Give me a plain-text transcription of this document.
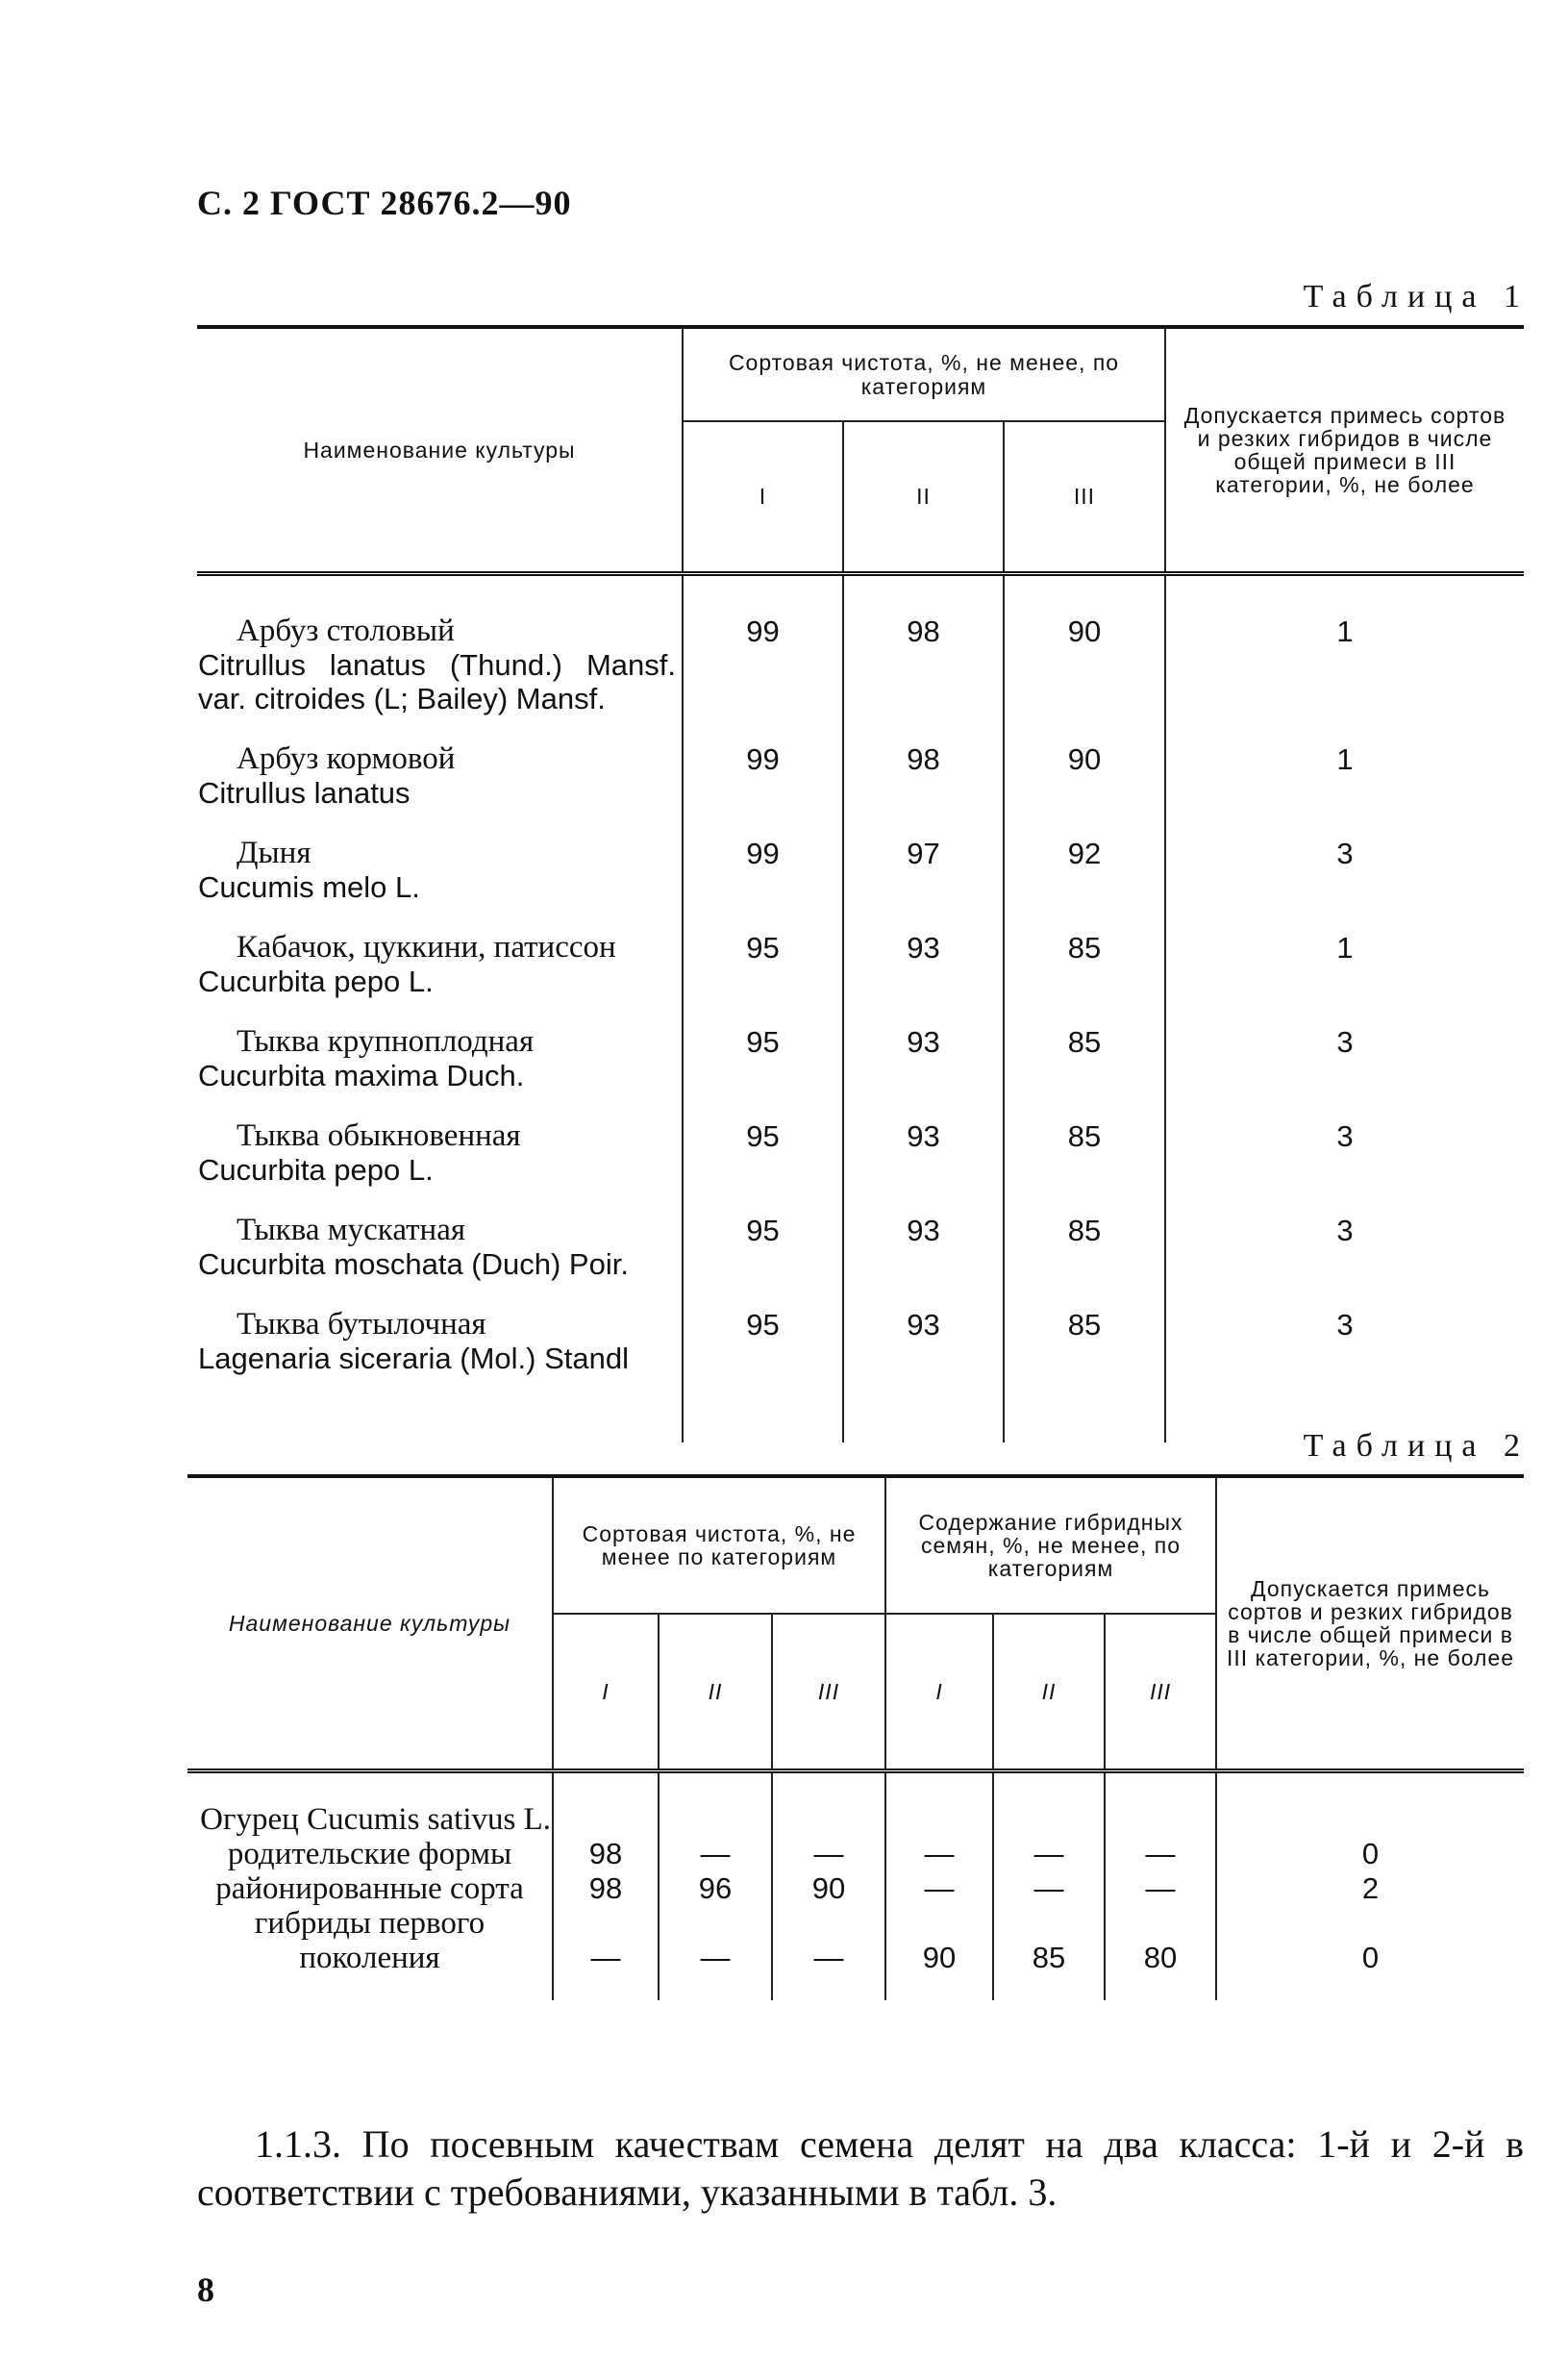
С. 2 ГОСТ 28676.2—90
Таблица 1
Наименование культуры	Сортовая чистота, %, не менее, по категориям			Допускается примесь сортов и резких гибридов в числе общей примеси в III категории, %, не более
	I	II	III	

Арбуз столовый
Citrullus lanatus (Thund.) Mansf. var. citroides (L; Bailey) Mansf.	99	98	90	1

Арбуз кормовой
Citrullus lanatus	99	98	90	1

Дыня
Cucumis melo L.	99	97	92	3

Кабачок, цуккини, патиссон
Cucurbita pepo L.	95	93	85	1

Тыква крупноплодная
Cucurbita maxima Duch.	95	93	85	3

Тыква обыкновенная
Cucurbita pepo L.	95	93	85	3

Тыква мускатная
Cucurbita moschata (Duch) Poir.	95	93	85	3

Тыква бутылочная
Lagenaria siceraria (Mol.) Standl	95	93	85	3
Таблица 2
Наименование культуры	Сортовая чистота, %, не менее по категориям			Содержание гибридных семян, %, не менее, по категориям			Допускается примесь сортов и резких гибридов в числе общей примеси в III категории, %, не более
	I	II	III	I	II	III	
Огурец Cucumis sativus L.							
родительские формы	98	—	—	—	—	—	0
районированные сорта	98	96	90	—	—	—	2
гибриды первого поколения	—	—	—	90	85	80	0
1.1.3. По посевным качествам семена делят на два класса: 1-й и 2-й в соответствии с требованиями, указанными в табл. 3.
8
